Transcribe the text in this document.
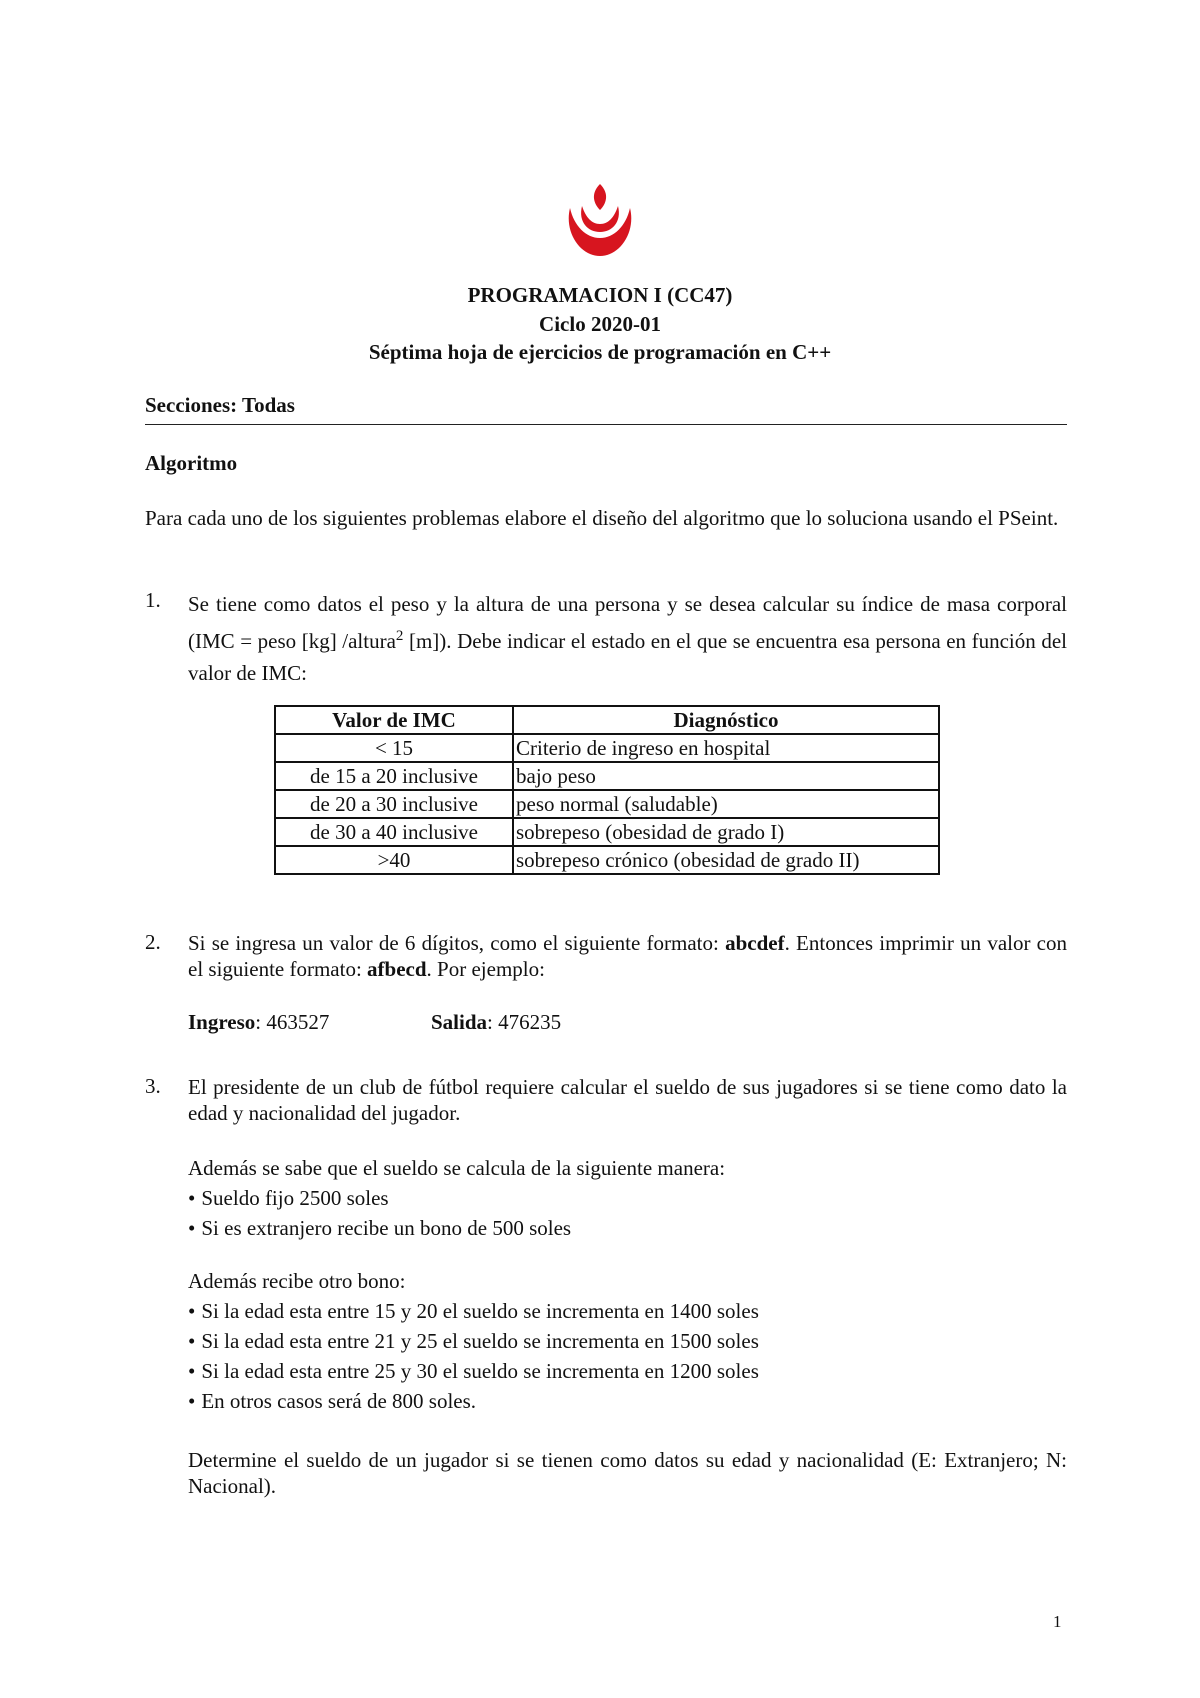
PROGRAMACION I (CC47)
Ciclo 2020-01
Séptima hoja de ejercicios de programación en C++
Secciones: Todas
Algoritmo
Para cada uno de los siguientes problemas elabore el diseño del algoritmo que lo soluciona usando el PSeint.
1. Se tiene como datos el peso y la altura de una persona y se desea calcular su índice de masa corporal (IMC = peso [kg] /altura$^2$ [m]). Debe indicar el estado en el que se encuentra esa persona en función del valor de IMC:
Valor de IMC	Diagnóstico
< 15	Criterio de ingreso en hospital
de 15 a 20 inclusive	bajo peso
de 20 a 30 inclusive	peso normal (saludable)
de 30 a 40 inclusive	sobrepeso (obesidad de grado I)
>40	sobrepeso crónico (obesidad de grado II)
2. Si se ingresa un valor de 6 dígitos, como el siguiente formato: abcdef. Entonces imprimir un valor con el siguiente formato: afbecd. Por ejemplo:
Ingreso: 463527	Salida: 476235
3. El presidente de un club de fútbol requiere calcular el sueldo de sus jugadores si se tiene como dato la edad y nacionalidad del jugador.
Además se sabe que el sueldo se calcula de la siguiente manera:
• Sueldo fijo 2500 soles
• Si es extranjero recibe un bono de 500 soles
Además recibe otro bono:
• Si la edad esta entre 15 y 20 el sueldo se incrementa en 1400 soles
• Si la edad esta entre 21 y 25 el sueldo se incrementa en 1500 soles
• Si la edad esta entre 25 y 30 el sueldo se incrementa en 1200 soles
• En otros casos será de 800 soles.
Determine el sueldo de un jugador si se tienen como datos su edad y nacionalidad (E: Extranjero; N: Nacional).
1
